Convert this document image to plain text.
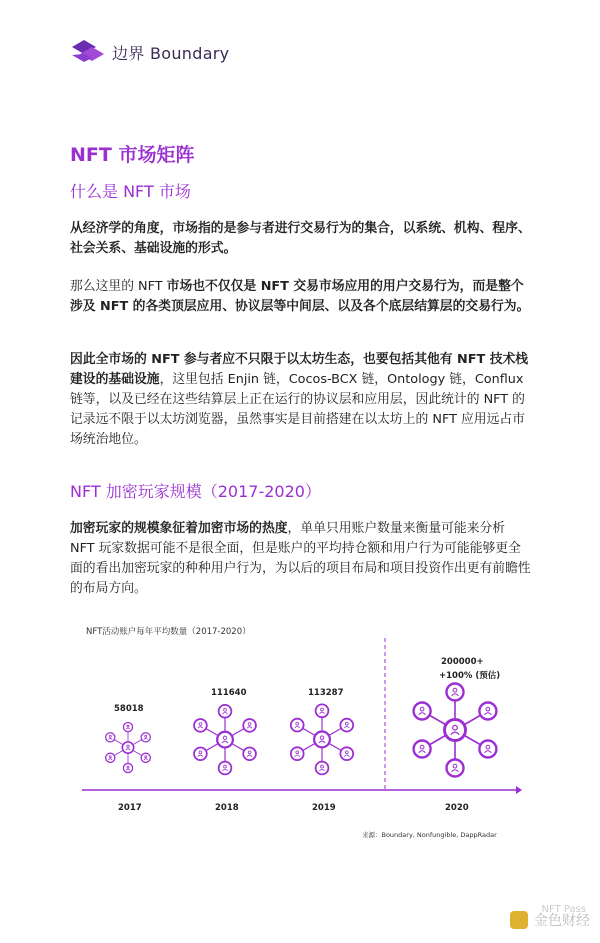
边界 Boundary
NFT 市场矩阵
什么是 NFT 市场
从经济学的角度，市场指的是参与者进行交易行为的集合，以系统、机构、程序、社会关系、基础设施的形式。
那么这里的 NFT 市场也不仅仅是 NFT 交易市场应用的用户交易行为，而是整个涉及 NFT 的各类顶层应用、协议层等中间层、以及各个底层结算层的交易行为。
因此全市场的 NFT 参与者应不只限于以太坊生态，也要包括其他有 NFT 技术栈建设的基础设施，这里包括 Enjin 链，Cocos-BCX 链，Ontology 链，Conflux 链等，以及已经在这些结算层上正在运行的协议层和应用层，因此统计的 NFT 的记录远不限于以太坊浏览器，虽然事实是目前搭建在以太坊上的 NFT 应用远占市场统治地位。
NFT 加密玩家规模（2017-2020）
加密玩家的规模象征着加密市场的热度，单单只用账户数量来衡量可能来分析 NFT 玩家数据可能不是很全面，但是账户的平均持仓额和用户行为可能能够更全面的看出加密玩家的种种用户行为，为以后的项目布局和项目投资作出更有前瞻性的布局方向。
NFT活动账户每年平均数量（2017-2020）
58018
2017
111640
2018
113287
2019
200000+
2020
+100% (预估)
来源：Boundary, Nonfungible, DappRadar
NFT Pass
金色财经
